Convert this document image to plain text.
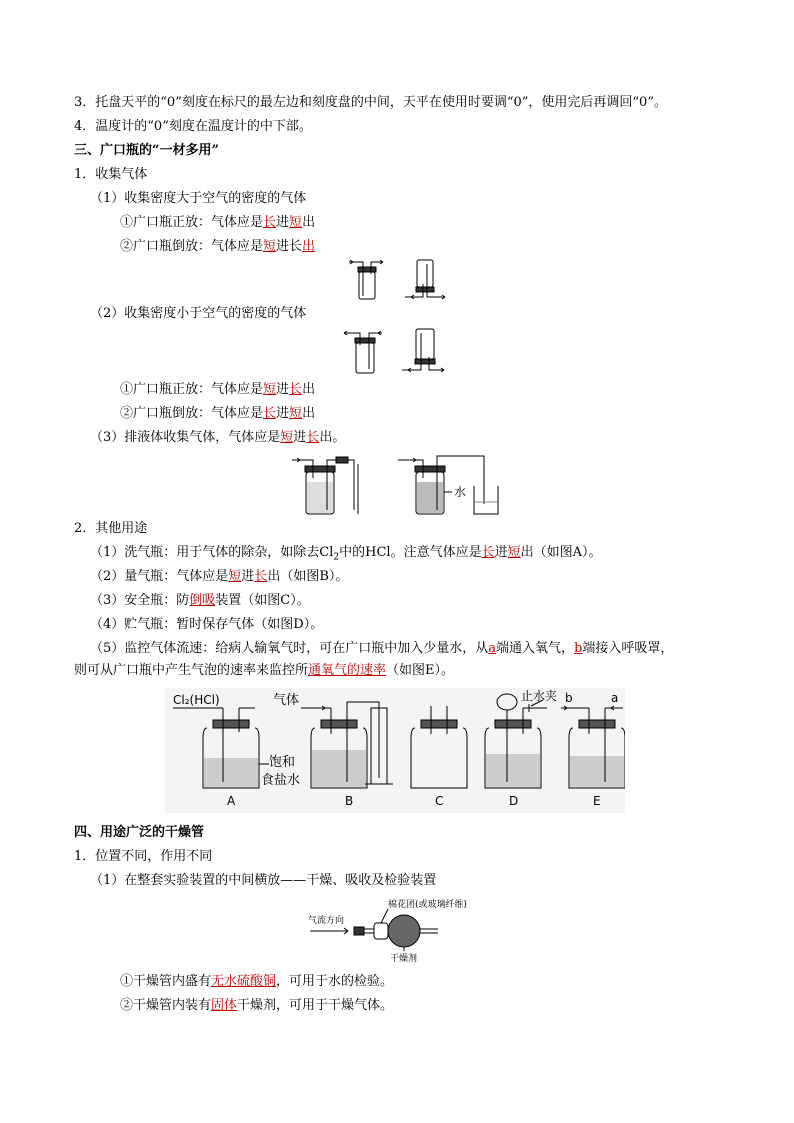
3．托盘天平的“0”刻度在标尺的最左边和刻度盘的中间，天平在使用时要调“0”，使用完后再调回“0”。
4．温度计的“0”刻度在温度计的中下部。
三、广口瓶的“一材多用”
1．收集气体
（1）收集密度大于空气的密度的气体
①广口瓶正放：气体应是长进短出
②广口瓶倒放：气体应是短进长出
（2）收集密度小于空气的密度的气体
①广口瓶正放：气体应是短进长出
②广口瓶倒放：气体应是长进短出
（3）排液体收集气体，气体应是短进长出。
水
2．其他用途
（1）洗气瓶：用于气体的除杂，如除去$Cl_2$中的HCl。注意气体应是长进短出（如图A）。
（2）量气瓶：气体应是短进长出（如图B）。
（3）安全瓶：防倒吸装置（如图C）。
（4）贮气瓶：暂时保存气体（如图D）。
（5）监控气体流速：给病人输氧气时，可在广口瓶中加入少量水，从a端通入氧气，b端接入呼吸罩，
则可从广口瓶中产生气泡的速率来监控所通氧气的速率（如图E）。
Cl₂(HCl)
饱和
食盐水
气体	止水夹 b	a
A	B	C	D	E
四、用途广泛的干燥管
1．位置不同，作用不同
（1）在整套实验装置的中间横放——干燥、吸收及检验装置
气流方向
棉花团(或玻璃纤维)
干燥剂
①干燥管内盛有无水硫酸铜，可用于水的检验。
②干燥管内装有固体干燥剂，可用于干燥气体。
